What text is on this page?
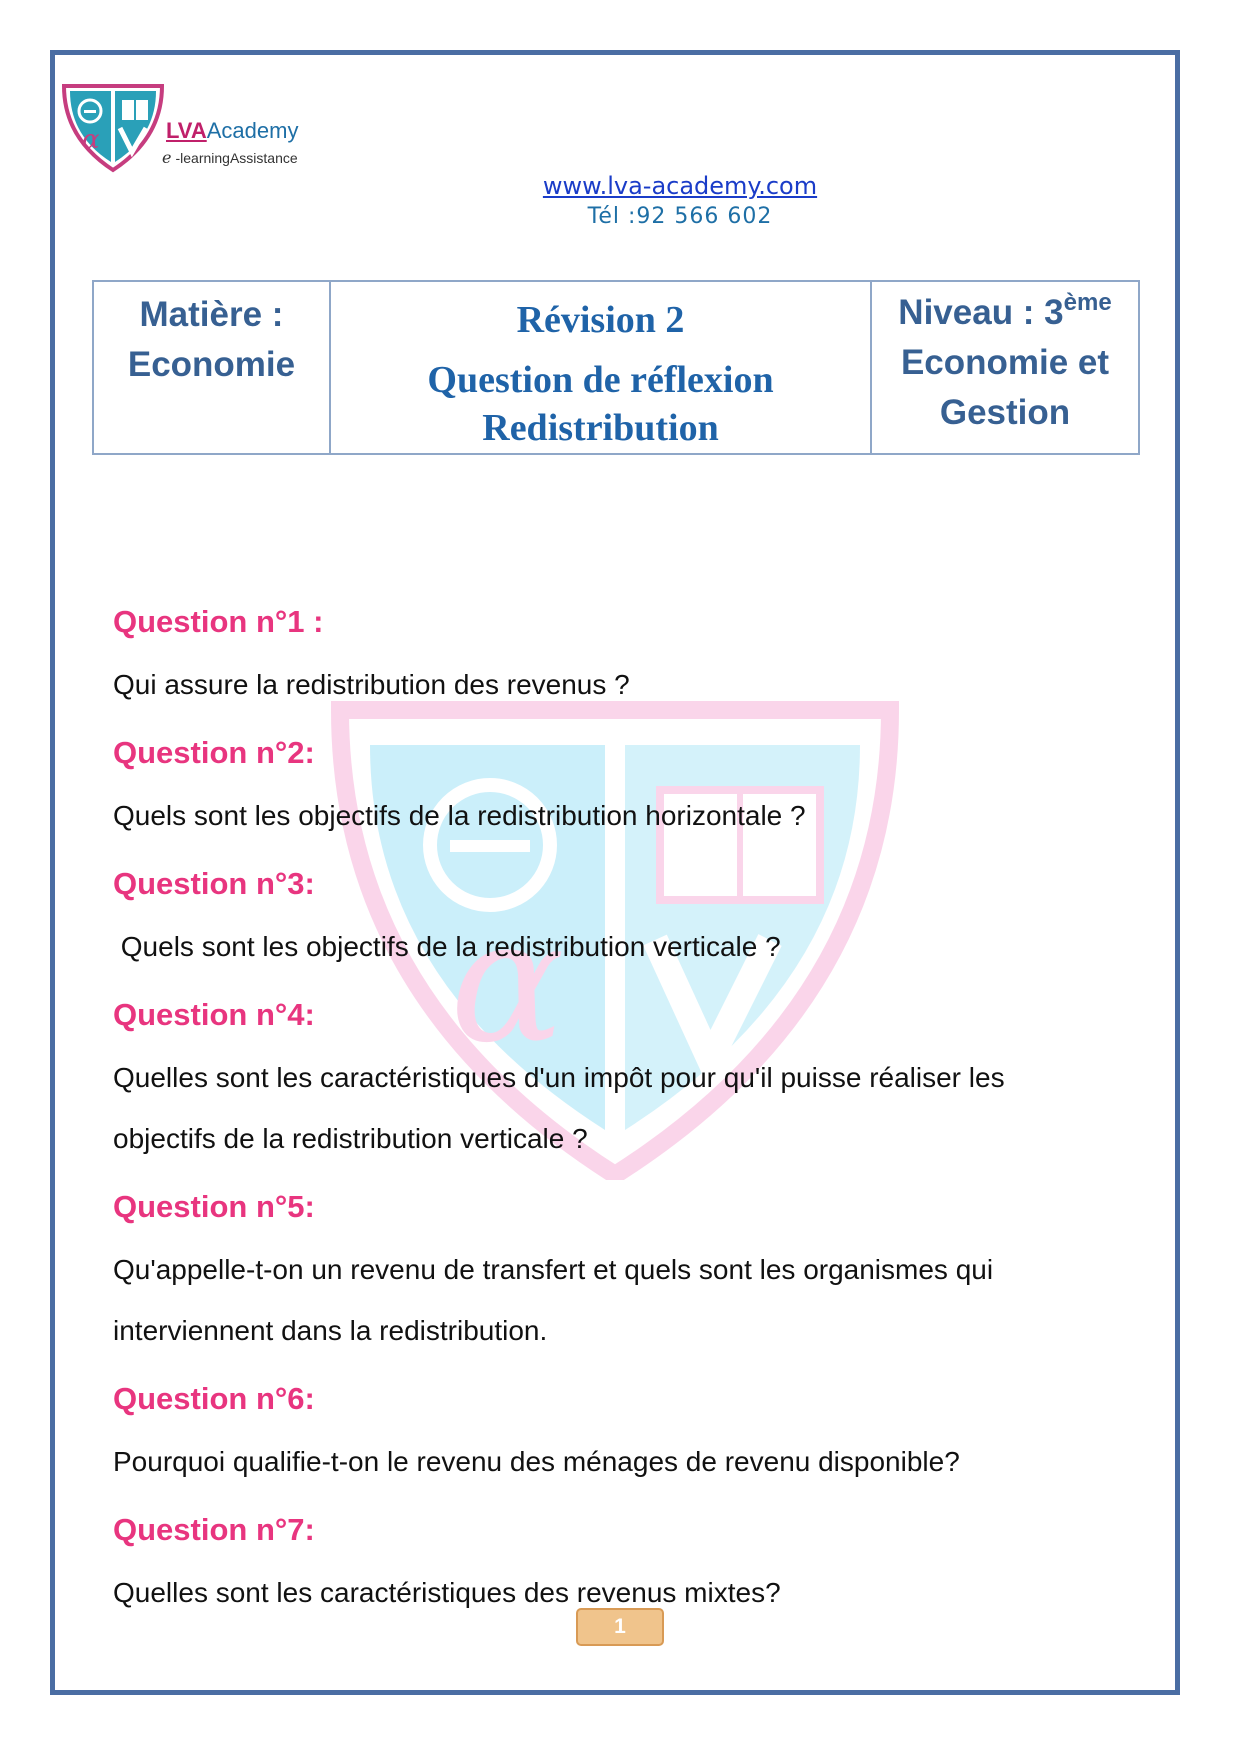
α	LVAAcademy
e -learningAssistance
www.lva-academy.com
Tél :92 566 602
Matière :
Economie

Révision 2
Question de réflexion
Redistribution

Niveau : 3ème
Economie et
Gestion
α
Question n°1 :
Qui assure la redistribution des revenus ?
Question n°2:
Quels sont les objectifs de la redistribution horizontale ?
Question n°3:
Quels sont les objectifs de la redistribution verticale ?
Question n°4:
Quelles sont les caractéristiques d'un impôt pour qu'il puisse réaliser les objectifs de la redistribution verticale ?
Question n°5:
Qu'appelle-t-on un revenu de transfert et quels sont les organismes qui interviennent dans la redistribution.
Question n°6:
Pourquoi qualifie-t-on le revenu des ménages de revenu disponible?
Question n°7:
Quelles sont les caractéristiques des revenus mixtes?
1
